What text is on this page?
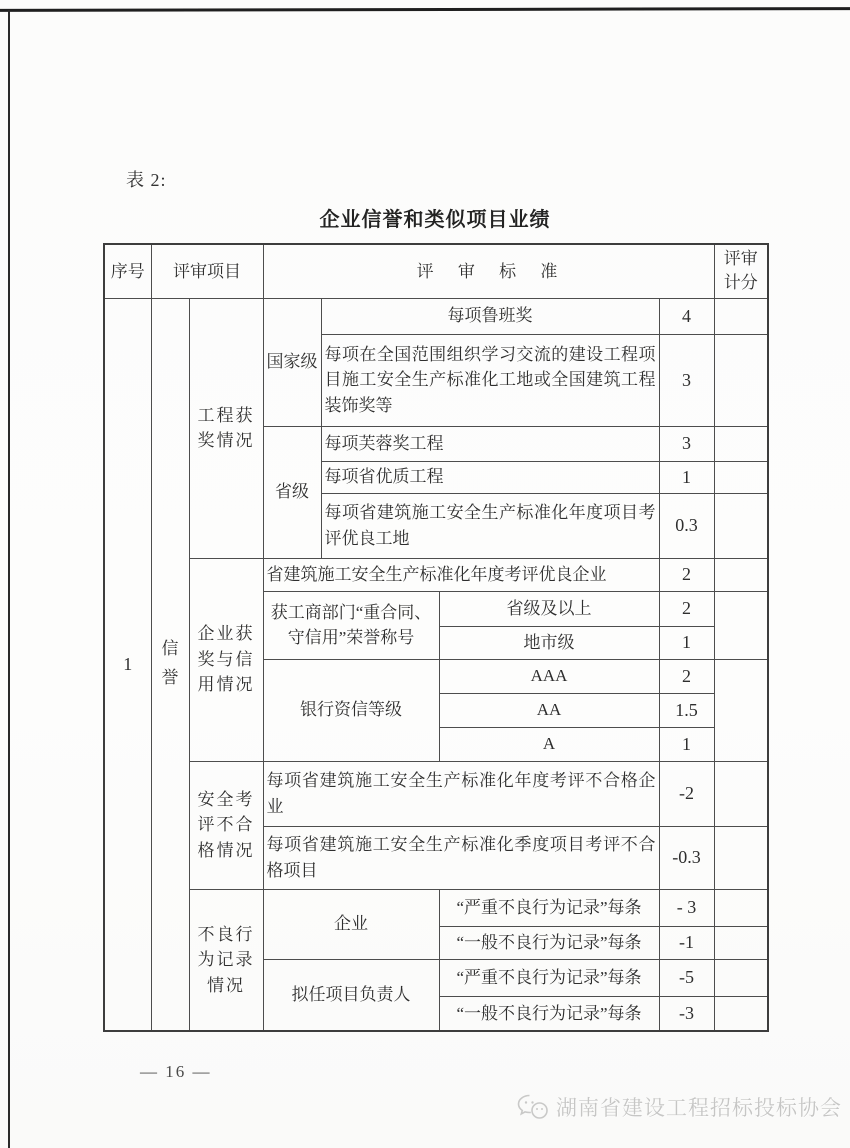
表 2:
企业信誉和类似项目业绩
序号	评审项目		评 审 标 准				评审
计分

1	信誉	工程获奖情况	国家级	每项鲁班奖		4	
				每项在全国范围组织学习交流的建设工程项目施工安全生产标准化工地或全国建筑工程装饰奖等		3	
			省级	每项芙蓉奖工程		3	
				每项省优质工程		1	
				每项省建筑施工安全生产标准化年度项目考评优良工地		0.3	
		企业获奖与信用情况	省建筑施工安全生产标准化年度考评优良企业			2	
			获工商部门“重合同、守信用”荣誉称号		省级及以上	2	
					地市级	1	
			银行资信等级		AAA	2	
					AA	1.5	
					A	1	
		安全考评不合格情况	每项省建筑施工安全生产标准化年度考评不合格企业			-2	
			每项省建筑施工安全生产标准化季度项目考评不合格项目			-0.3	
		不良行为记录情况	企业		“严重不良行为记录”每条	- 3	
					“一般不良行为记录”每条	-1	
			拟任项目负责人		“严重不良行为记录”每条	-5	
					“一般不良行为记录”每条	-3	
— 16 —
湖南省建设工程招标投标协会
